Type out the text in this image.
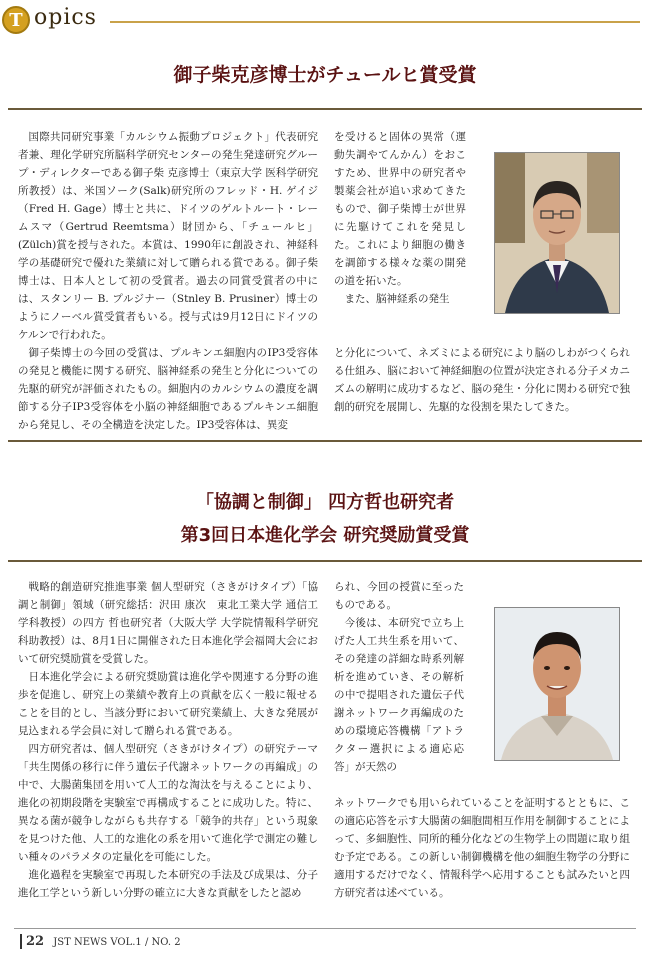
T opics
御子柴克彦博士がチュールヒ賞受賞

国際共同研究事業「カルシウム振動プロジェクト」代表研究者兼、理化学研究所脳科学研究センターの発生発達研究グループ・ディレクターである御子柴 克彦博士（東京大学 医科学研究所教授）は、米国ソーク(Salk)研究所のフレッド・H. ゲイジ（Fred H. Gage）博士と共に、ドイツのゲルトルート・レームスマ（Gertrud Reemtsma）財団から、「チュールヒ」(Zülch)賞を授与された。本賞は、1990年に創設され、神経科学の基礎研究で優れた業績に対して贈られる賞である。御子柴博士は、日本人として初の受賞者。過去の同賞受賞者の中には、スタンリー B. プルジナー（Stnley B. Prusiner）博士のようにノーベル賞受賞者もいる。授与式は9月12日にドイツのケルンで行われた。

御子柴博士の今回の受賞は、プルキンエ細胞内のIP3受容体の発見と機能に関する研究、脳神経系の発生と分化についての先駆的研究が評価されたもの。細胞内のカルシウムの濃度を調節する分子IP3受容体を小脳の神経細胞であるプルキンエ細胞から発見し、その全構造を決定した。IP3受容体は、異変

を受けると固体の異常（運動失調やてんかん）をおこすため、世界中の研究者や製薬会社が追い求めてきたもので、御子柴博士が世界に先駆けてこれを発見した。これにより細胞の働きを調節する様々な薬の開発の道を拓いた。

また、脳神経系の発生

と分化について、ネズミによる研究により脳のしわがつくられる仕組み、脳において神経細胞の位置が決定される分子メカニズムの解明に成功するなど、脳の発生・分化に関わる研究で独創的研究を展開し、先駆的な役割を果たしてきた。

「協調と制御」 四方哲也研究者
第3回日本進化学会 研究奨励賞受賞

戦略的創造研究推進事業 個人型研究（さきがけタイプ）「協調と制御」領域（研究総括：沢田 康次　東北工業大学 通信工学科教授）の四方 哲也研究者（大阪大学 大学院情報科学研究科助教授）は、8月1日に開催された日本進化学会福岡大会において研究奨励賞を受賞した。

日本進化学会による研究奨励賞は進化学や関連する分野の進歩を促進し、研究上の業績や教育上の貢献を広く一般に報せることを目的とし、当該分野において研究業績上、大きな発展が見込まれる学会員に対して贈られる賞である。

四方研究者は、個人型研究（さきがけタイプ）の研究テーマ「共生関係の移行に伴う遺伝子代謝ネットワークの再編成」の中で、大腸菌集団を用いて人工的な淘汰を与えることにより、進化の初期段階を実験室で再構成することに成功した。特に、異なる菌が競争しながらも共存する「競争的共存」という現象を見つけた他、人工的な進化の系を用いて進化学で測定の難しい種々のパラメタの定量化を可能にした。

進化過程を実験室で再現した本研究の手法及び成果は、分子進化工学という新しい分野の確立に大きな貢献をしたと認め

られ、今回の授賞に至ったものである。

今後は、本研究で立ち上げた人工共生系を用いて、その発達の詳細な時系列解析を進めていき、その解析の中で提唱された遺伝子代謝ネットワーク再編成のための環境応答機構「アトラクター選択による適応応答」が天然の

ネットワークでも用いられていることを証明するとともに、この適応応答を示す大腸菌の細胞間相互作用を制御することによって、多細胞性、同所的種分化などの生物学上の問題に取り組む予定である。この新しい制御機構を他の細胞生物学の分野に適用するだけでなく、情報科学へ応用することも試みたいと四方研究者は述べている。

22 JST NEWS VOL.1 / NO. 2
